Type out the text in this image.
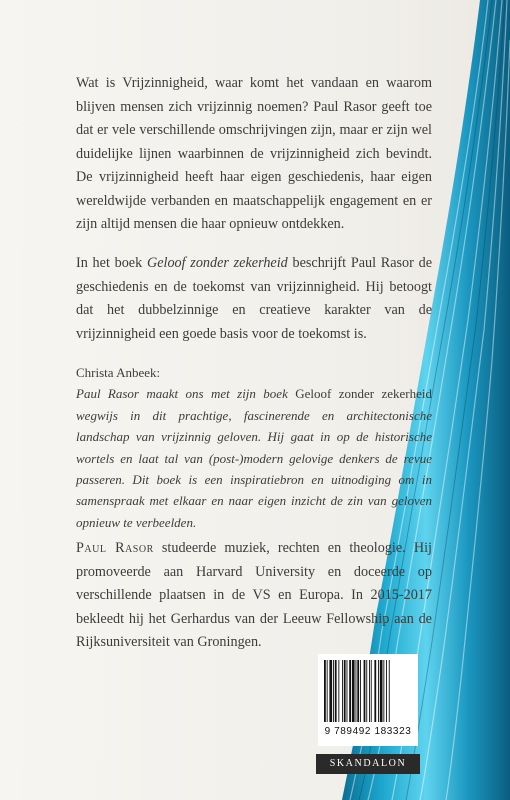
Wat is Vrijzinnigheid, waar komt het vandaan en waarom blijven mensen zich vrijzinnig noemen? Paul Rasor geeft toe dat er vele verschillende omschrijvingen zijn, maar er zijn wel duidelijke lijnen waarbinnen de vrijzinnigheid zich bevindt. De vrijzinnigheid heeft haar eigen geschiedenis, haar eigen wereldwijde verbanden en maatschappelijk engagement en er zijn altijd mensen die haar opnieuw ontdekken.
In het boek Geloof zonder zekerheid beschrijft Paul Rasor de geschiedenis en de toekomst van vrijzinnigheid. Hij betoogt dat het dubbelzinnige en creatieve karakter van de vrijzinnigheid een goede basis voor de toekomst is.
Christa Anbeek:
Paul Rasor maakt ons met zijn boek Geloof zonder zekerheid wegwijs in dit prachtige, fascinerende en architectonische landschap van vrijzinnig geloven. Hij gaat in op de historische wortels en laat tal van (post-)modern gelovige denkers de revue passeren. Dit boek is een inspiratiebron en uitnodiging om in samenspraak met elkaar en naar eigen inzicht de zin van geloven opnieuw te verbeelden.
Paul Rasor studeerde muziek, rechten en theologie. Hij promoveerde aan Harvard University en doceerde op verschillende plaatsen in de VS en Europa. In 2015-2017 bekleedt hij het Gerhardus van der Leeuw Fellowship aan de Rijksuniversiteit van Groningen.
9 789492 183323
SKANDALON
